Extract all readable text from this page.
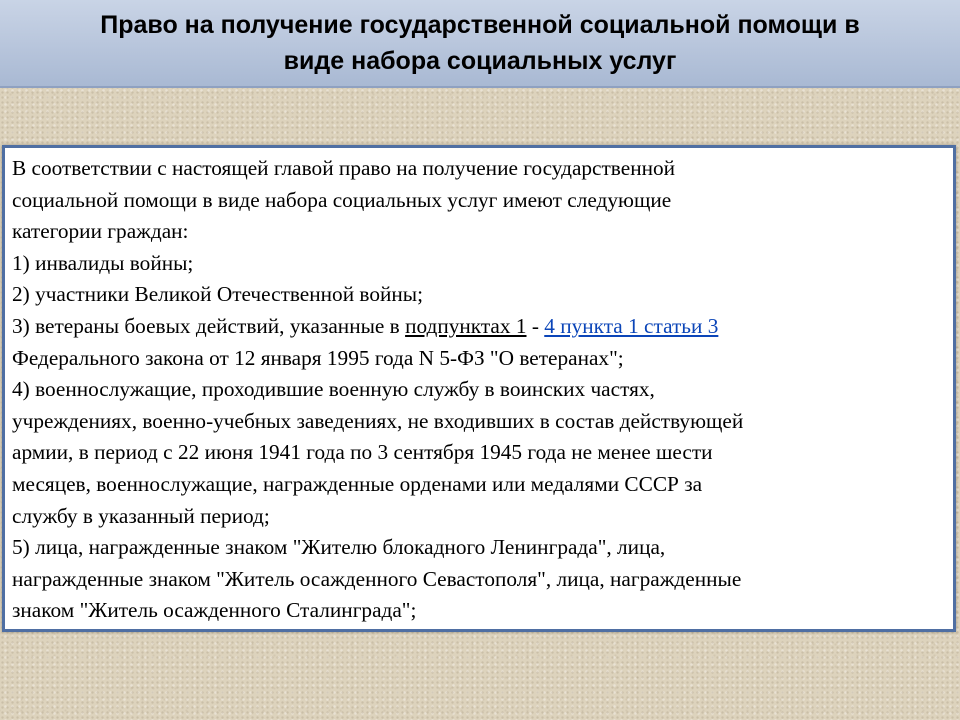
Право на получение государственной социальной помощи в
виде набора социальных услуг

В соответствии с настоящей главой право на получение государственной

социальной помощи в виде набора социальных услуг имеют следующие

категории граждан:

1) инвалиды войны;

2) участники Великой Отечественной войны;

3) ветераны боевых действий, указанные в подпунктах 1 - 4 пункта 1 статьи 3

Федерального закона от 12 января 1995 года N 5-ФЗ "О ветеранах";

4) военнослужащие, проходившие военную службу в воинских частях,

учреждениях, военно-учебных заведениях, не входивших в состав действующей

армии, в период с 22 июня 1941 года по 3 сентября 1945 года не менее шести

месяцев, военнослужащие, награжденные орденами или медалями СССР за

службу в указанный период;

5) лица, награжденные знаком "Жителю блокадного Ленинграда", лица,

награжденные знаком "Житель осажденного Севастополя", лица, награжденные

знаком "Житель осажденного Сталинграда";
